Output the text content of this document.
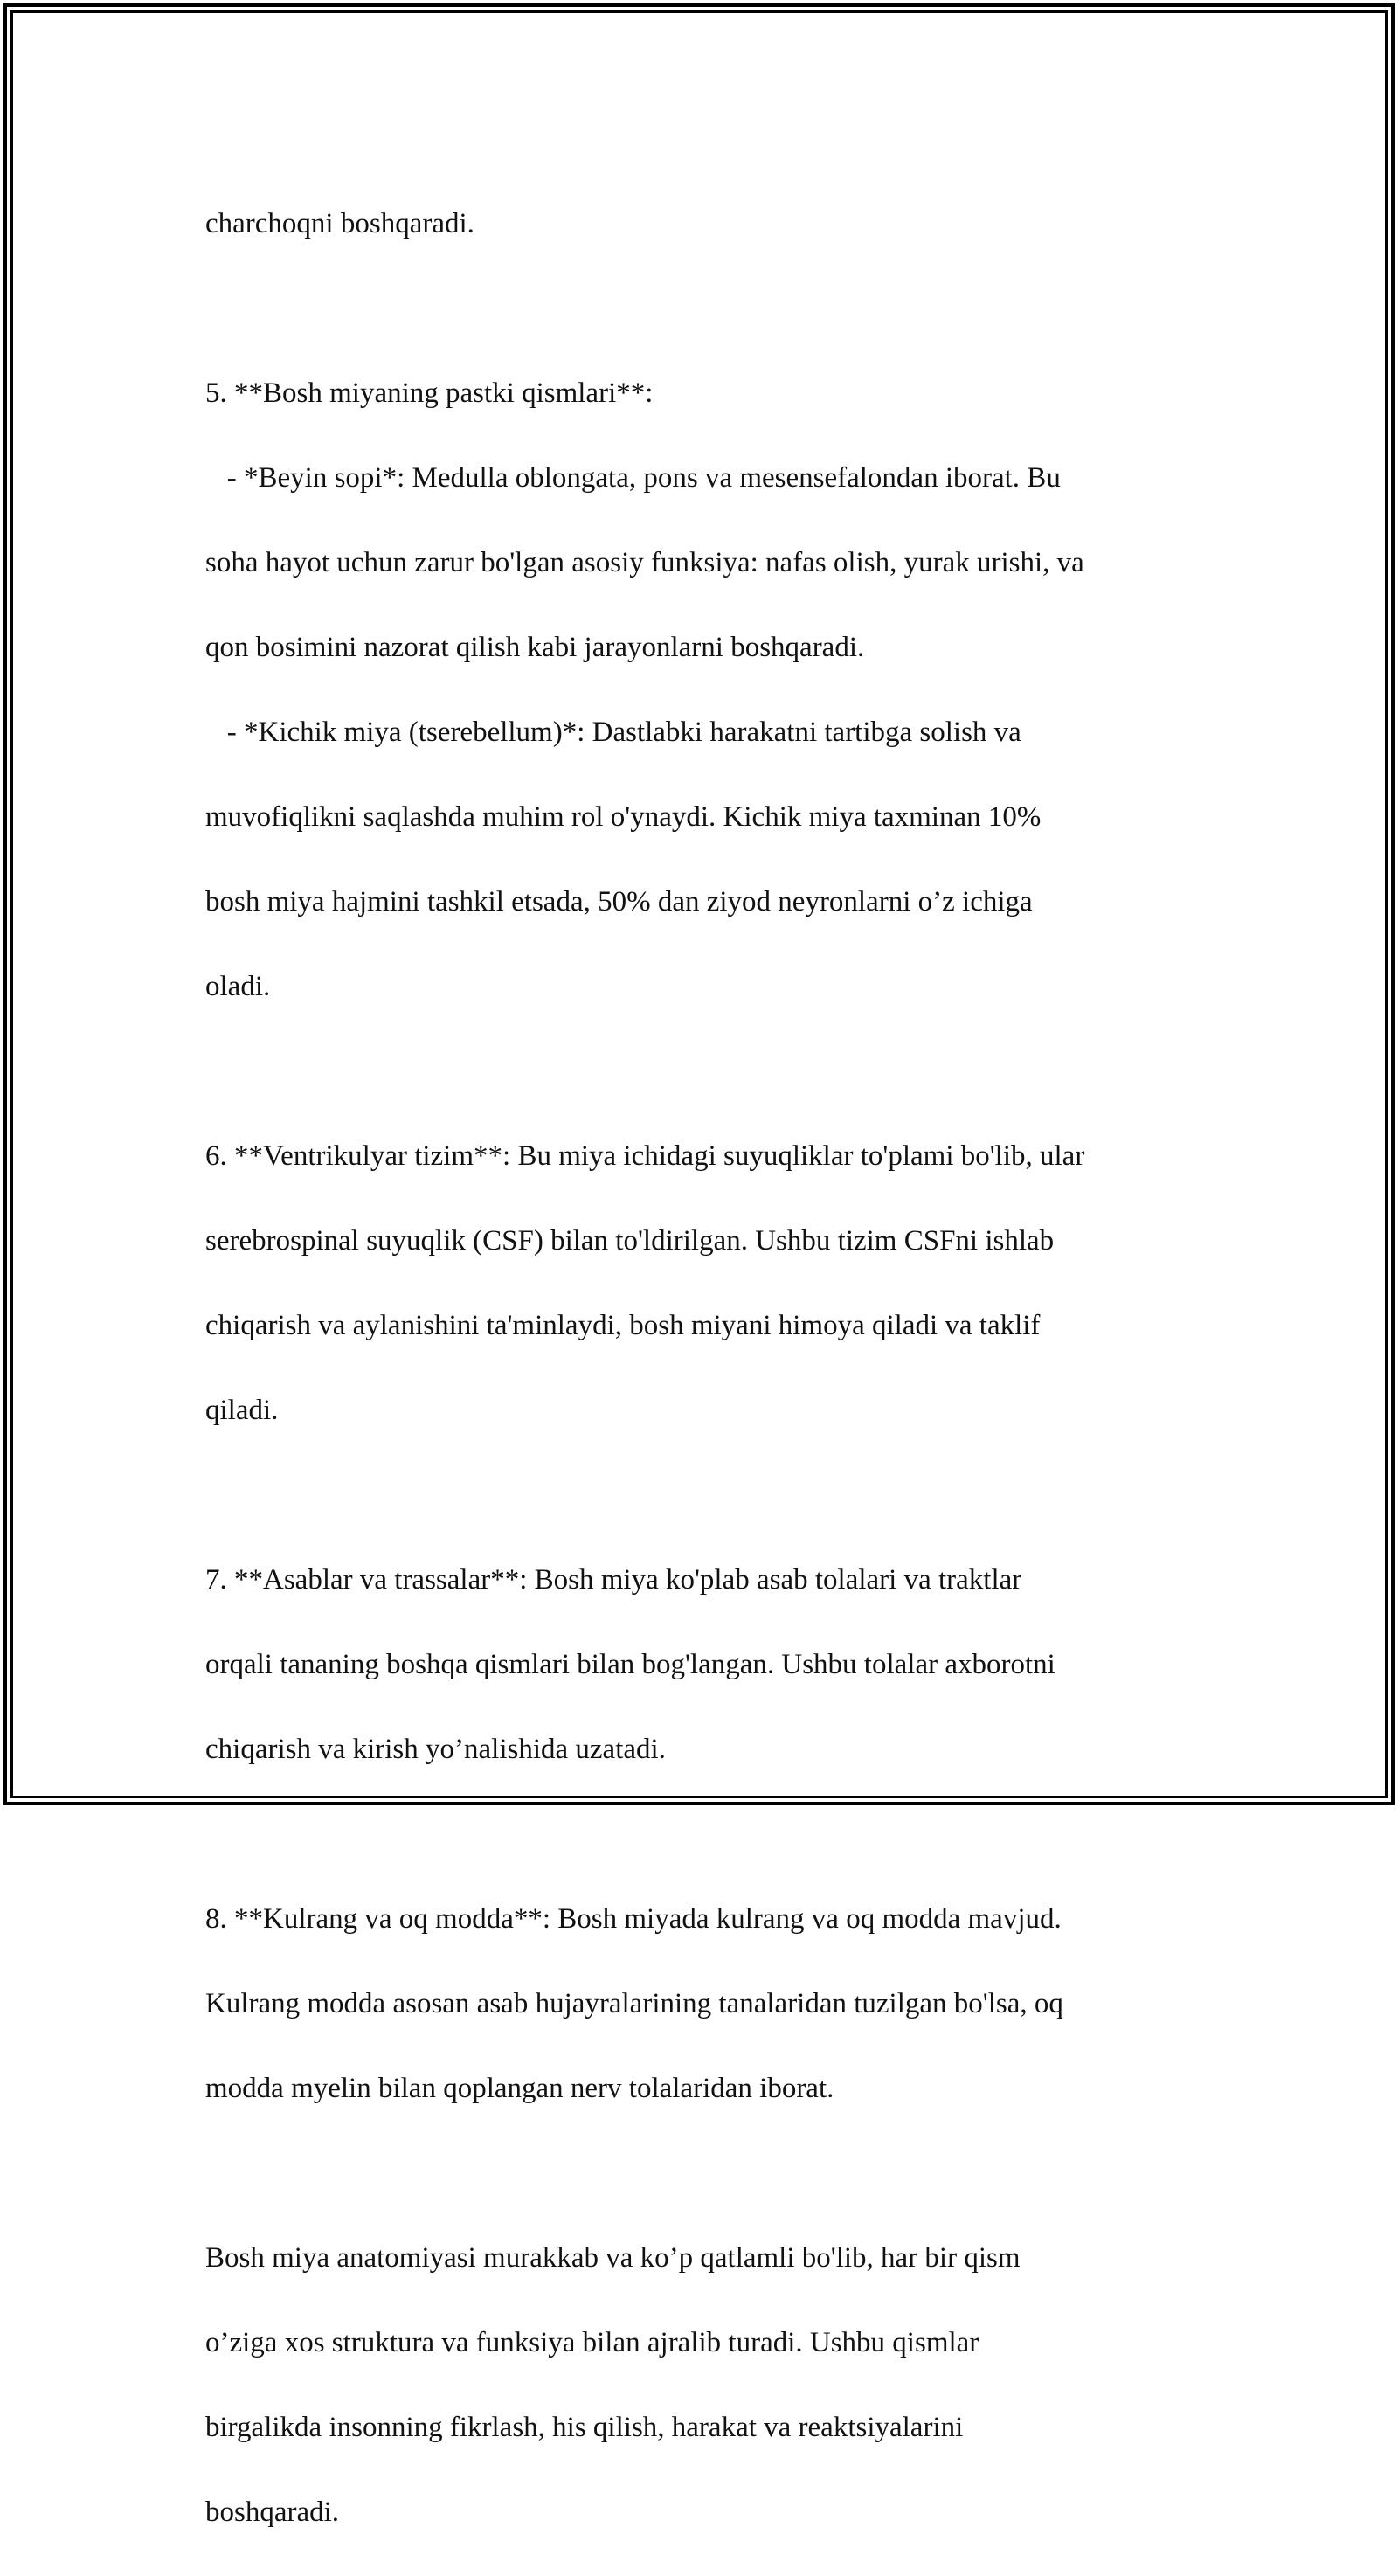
charchoqni boshqaradi.

5. **Bosh miyaning pastki qismlari**:

- *Beyin sopi*: Medulla oblongata, pons va mesensefalondan iborat. Bu

soha hayot uchun zarur bo'lgan asosiy funksiya: nafas olish, yurak urishi, va

qon bosimini nazorat qilish kabi jarayonlarni boshqaradi.

- *Kichik miya (tserebellum)*: Dastlabki harakatni tartibga solish va

muvofiqlikni saqlashda muhim rol o'ynaydi. Kichik miya taxminan 10%

bosh miya hajmini tashkil etsada, 50% dan ziyod neyronlarni o’z ichiga

oladi.

6. **Ventrikulyar tizim**: Bu miya ichidagi suyuqliklar to'plami bo'lib, ular

serebrospinal suyuqlik (CSF) bilan to'ldirilgan. Ushbu tizim CSFni ishlab

chiqarish va aylanishini ta'minlaydi, bosh miyani himoya qiladi va taklif

qiladi.

7. **Asablar va trassalar**: Bosh miya ko'plab asab tolalari va traktlar

orqali tananing boshqa qismlari bilan bog'langan. Ushbu tolalar axborotni

chiqarish va kirish yo’nalishida uzatadi.

8. **Kulrang va oq modda**: Bosh miyada kulrang va oq modda mavjud.

Kulrang modda asosan asab hujayralarining tanalaridan tuzilgan bo'lsa, oq

modda myelin bilan qoplangan nerv tolalaridan iborat.

Bosh miya anatomiyasi murakkab va ko’p qatlamli bo'lib, har bir qism

o’ziga xos struktura va funksiya bilan ajralib turadi. Ushbu qismlar

birgalikda insonning fikrlash, his qilish, harakat va reaktsiyalarini

boshqaradi.
